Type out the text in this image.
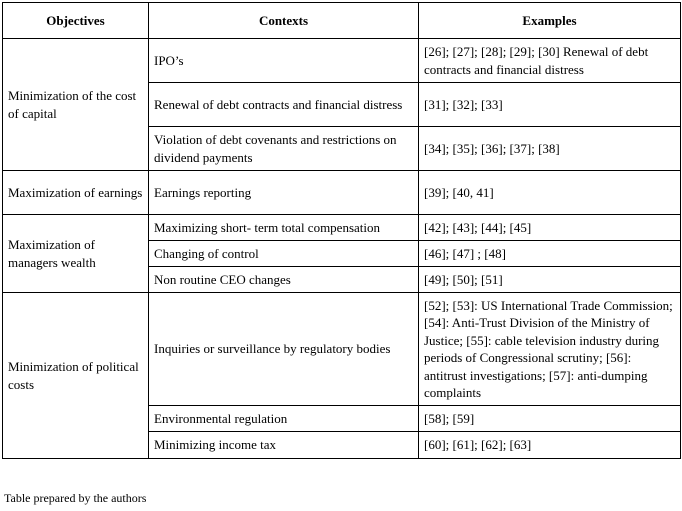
Objectives	Contexts	Examples
Minimization of the cost of capital	IPO’s	[26]; [27]; [28]; [29]; [30] Renewal of debt contracts and financial distress
	Renewal of debt contracts and financial distress	[31]; [32]; [33]
	Violation of debt covenants and restrictions on dividend payments	[34]; [35]; [36]; [37]; [38]
Maximization of earnings	Earnings reporting	[39]; [40, 41]
Maximization of managers wealth	Maximizing short- term total compensation	[42]; [43]; [44]; [45]
	Changing of control	[46]; [47] ; [48]
	Non routine CEO changes	[49]; [50]; [51]
Minimization of political costs	Inquiries or surveillance by regulatory bodies	[52]; [53]: US International Trade Commission; [54]: Anti-Trust Division of the Ministry of Justice; [55]: cable television industry during periods of Congressional scrutiny; [56]: antitrust investigations; [57]: anti-dumping complaints
	Environmental regulation	[58]; [59]
	Minimizing income tax	[60]; [61]; [62]; [63]
Table prepared by the authors
